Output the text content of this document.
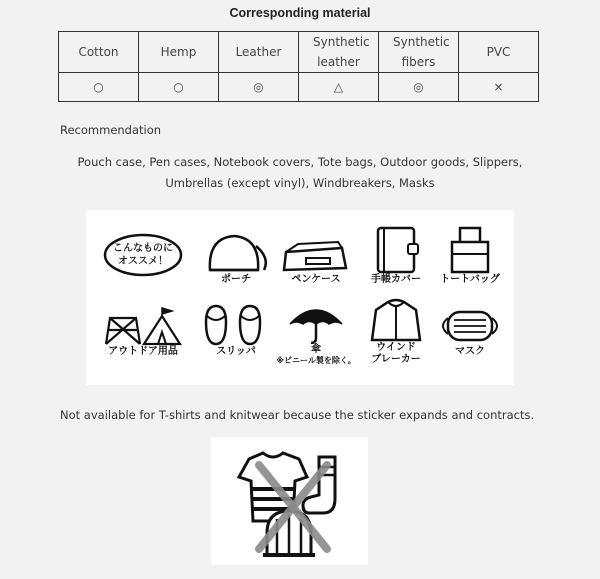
Corresponding material
Cotton	Hemp	Leather	Synthetic leather	Synthetic fibers	PVC
○	○	◎	△	◎	×
Recommendation
Pouch case, Pen cases, Notebook covers, Tote bags, Outdoor goods, Slippers,
Umbrellas (except vinyl), Windbreakers, Masks
こんなものに
オススメ！
ポーチ	ペンケース	手帳カバー	トートバッグ
アウトドア用品	スリッパ	傘
※ビニール製を除く。
ウインド
ブレーカー
マスク
Not available for T-shirts and knitwear because the sticker expands and contracts.
